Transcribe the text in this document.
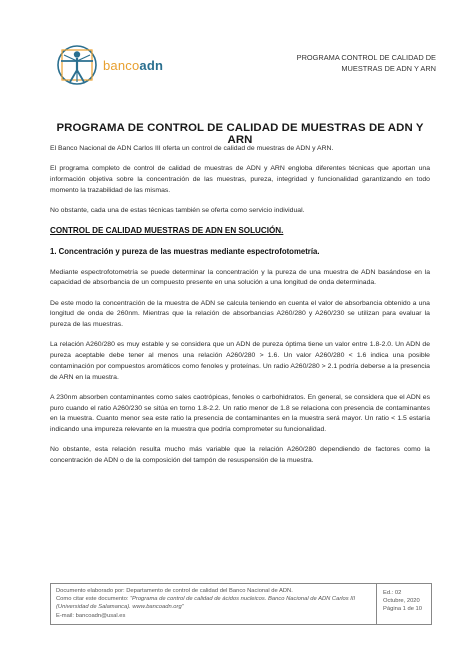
bancoadn	PROGRAMA CONTROL DE CALIDAD DE
MUESTRAS DE ADN Y ARN
PROGRAMA DE CONTROL DE CALIDAD DE MUESTRAS DE ADN Y ARN

El Banco Nacional de ADN Carlos III oferta un control de calidad de muestras de ADN y ARN.

El programa completo de control de calidad de muestras de ADN y ARN engloba diferentes técnicas que aportan una información objetiva sobre la concentración de las muestras, pureza, integridad y funcionalidad garantizando en todo momento la trazabilidad de las mismas.

No obstante, cada una de estas técnicas también se oferta como servicio individual.

CONTROL DE CALIDAD MUESTRAS DE ADN EN SOLUCIÓN.
1. Concentración y pureza de las muestras mediante espectrofotometría.

Mediante espectrofotometría se puede determinar la concentración y la pureza de una muestra de ADN basándose en la capacidad de absorbancia de un compuesto presente en una solución a una longitud de onda determinada.

De este modo la concentración de la muestra de ADN se calcula teniendo en cuenta el valor de absorbancia obtenido a una longitud de onda de 260nm. Mientras que la relación de absorbancias A260/280 y A260/230 se utilizan para evaluar la pureza de las muestras.

La relación A260/280 es muy estable y se considera que un ADN de pureza óptima tiene un valor entre 1.8-2.0. Un ADN de pureza aceptable debe tener al menos una relación A260/280 > 1.6. Un valor A260/280 < 1.6 indica una posible contaminación por compuestos aromáticos como fenoles y proteínas. Un radio A260/280 > 2.1 podría deberse a la presencia de ARN en la muestra.

A 230nm absorben contaminantes como sales caotrópicas, fenoles o carbohidratos. En general, se considera que el ADN es puro cuando el ratio A260/230 se sitúa en torno 1.8-2.2. Un ratio menor de 1.8 se relaciona con presencia de contaminantes en la muestra. Cuanto menor sea este ratio la presencia de contaminantes en la muestra será mayor. Un ratio < 1.5 estaría indicando una impureza relevante en la muestra que podría comprometer su funcionalidad.

No obstante, esta relación resulta mucho más variable que la relación A260/280 dependiendo de factores como la concentración de ADN o de la composición del tampón de resuspensión de la muestra.

Documento elaborado por: Departamento de control de calidad del Banco Nacional de ADN.
Como citar este documento: “Programa de control de calidad de ácidos nucleicos. Banco Nacional de ADN Carlos III (Universidad de Salamanca). www.bancoadn.org”
E-mail: bancoadn@usal.es
Ed.: 02
Octubre, 2020
Página 1 de 10
